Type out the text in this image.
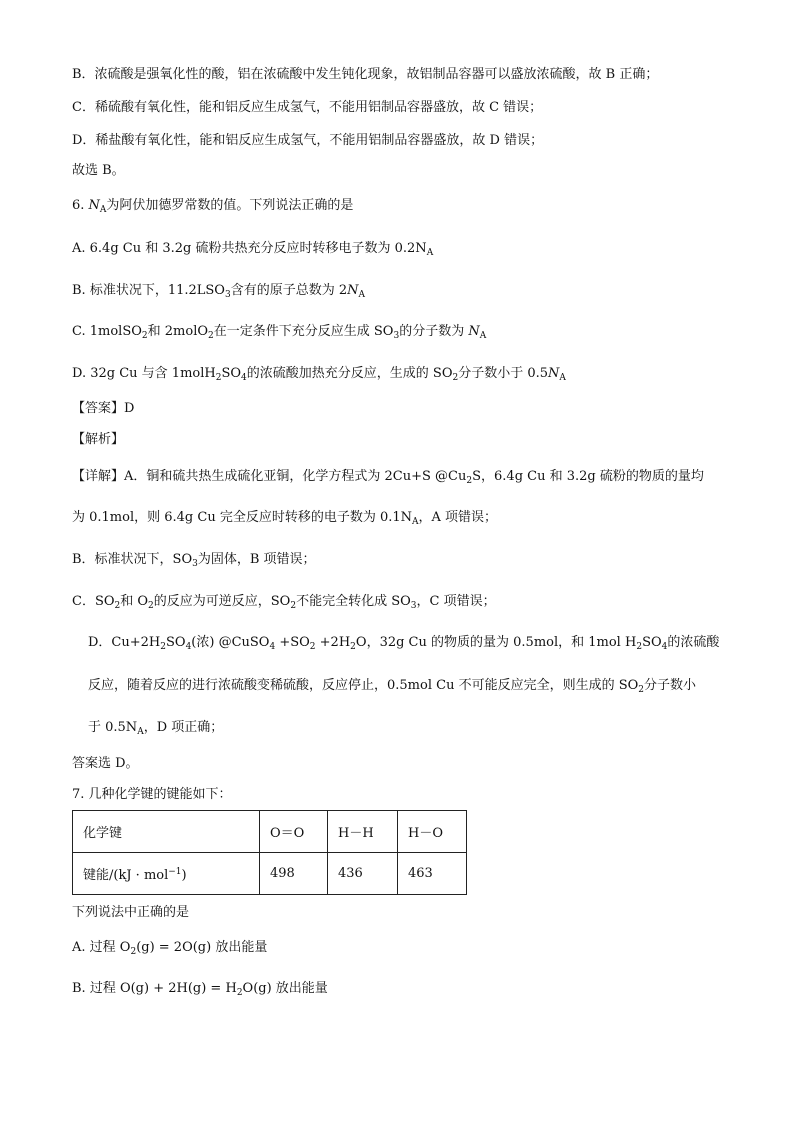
B．浓硫酸是强氧化性的酸，铝在浓硫酸中发生钝化现象，故铝制品容器可以盛放浓硫酸，故 B 正确；
C．稀硫酸有氧化性，能和铝反应生成氢气，不能用铝制品容器盛放，故 C 错误；
D．稀盐酸有氧化性，能和铝反应生成氢气，不能用铝制品容器盛放，故 D 错误；
故选 B。
6. $N_A$为阿伏加德罗常数的值。下列说法正确的是
A. 6.4g Cu 和 3.2g 硫粉共热充分反应时转移电子数为 $0.2N_A$
B. 标准状况下，$11.2LSO_3$含有的原子总数为 $2N_A$
C. 1molSO$_2$和 2molO$_2$在一定条件下充分反应生成 $SO_3$的分子数为 $N_A$
D. 32g Cu 与含 $1molH_2SO_4$的浓硫酸加热充分反应，生成的 $SO_2$分子数小于 $0.5N_A$
【答案】D
【解析】
【详解】A．铜和硫共热生成硫化亚铜，化学方程式为 2Cu+S $@Cu_2S$，6.4g Cu 和 3.2g 硫粉的物质的量均
为 0.1mol，则 6.4g Cu 完全反应时转移的电子数为 $0.1N_A$，A 项错误；
B．标准状况下，$SO_3$为固体，B 项错误；
C．$SO_2$和 $O_2$的反应为可逆反应，$SO_2$不能完全转化成 $SO_3$，C 项错误；
D．$Cu+2H_2SO_4$(浓) @CuSO$_4$ $+SO_2 +2H_2O$，32g Cu 的物质的量为 0.5mol，和 1mol $H_2SO_4$的浓硫酸
反应，随着反应的进行浓硫酸变稀硫酸，反应停止，0.5mol Cu 不可能反应完全，则生成的 $SO_2$分子数小
于 $0.5N_A$，D 项正确；
答案选 D。
7. 几种化学键的键能如下：
化学键	O＝O	H－H	H－O
键能/(kJ · mol$^{-1}$)	498	436	463
下列说法中正确的是
A. 过程 $O_2(g) = 2O(g)$ 放出能量
B. 过程 $O(g) + 2H(g) = H_2O(g)$ 放出能量
